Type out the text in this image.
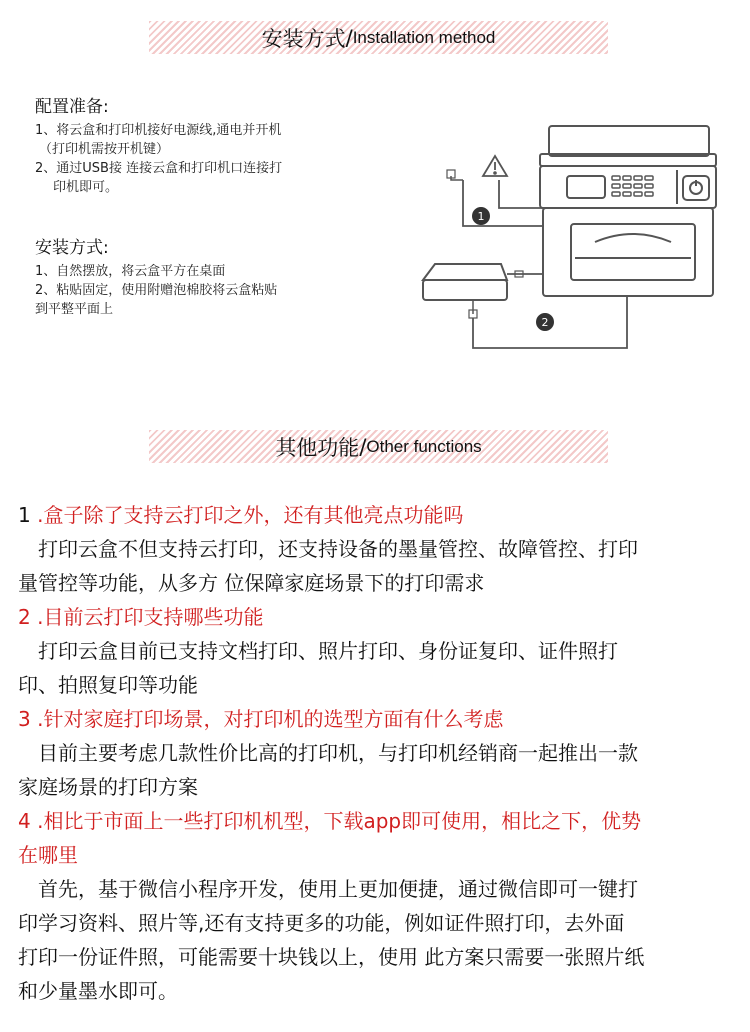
安装方式 / Installation method
配置准备:
1、将云盒和打印机接好电源线,通电并开机
（打印机需按开机键）
2、通过USB接 连接云盒和打印机口连接打
印机即可。
安装方式:
1、自然摆放，将云盒平方在桌面
2、粘贴固定，使用附赠泡棉胶将云盒粘贴
到平整平面上
1
2
其他功能 / Other functions
1 .盒子除了支持云打印之外，还有其他亮点功能吗
　打印云盒不但支持云打印，还支持设备的墨量管控、故障管控、打印
量管控等功能，从多方 位保障家庭场景下的打印需求
2 .目前云打印支持哪些功能
　打印云盒目前已支持文档打印、照片打印、身份证复印、证件照打
印、拍照复印等功能
3 .针对家庭打印场景，对打印机的选型方面有什么考虑
　目前主要考虑几款性价比高的打印机，与打印机经销商一起推出一款
家庭场景的打印方案
4 .相比于市面上一些打印机机型，下载app即可使用，相比之下，优势
在哪里
　首先，基于微信小程序开发，使用上更加便捷，通过微信即可一键打
印学习资料、照片等,还有支持更多的功能，例如证件照打印，去外面
打印一份证件照，可能需要十块钱以上，使用 此方案只需要一张照片纸
和少量墨水即可。
